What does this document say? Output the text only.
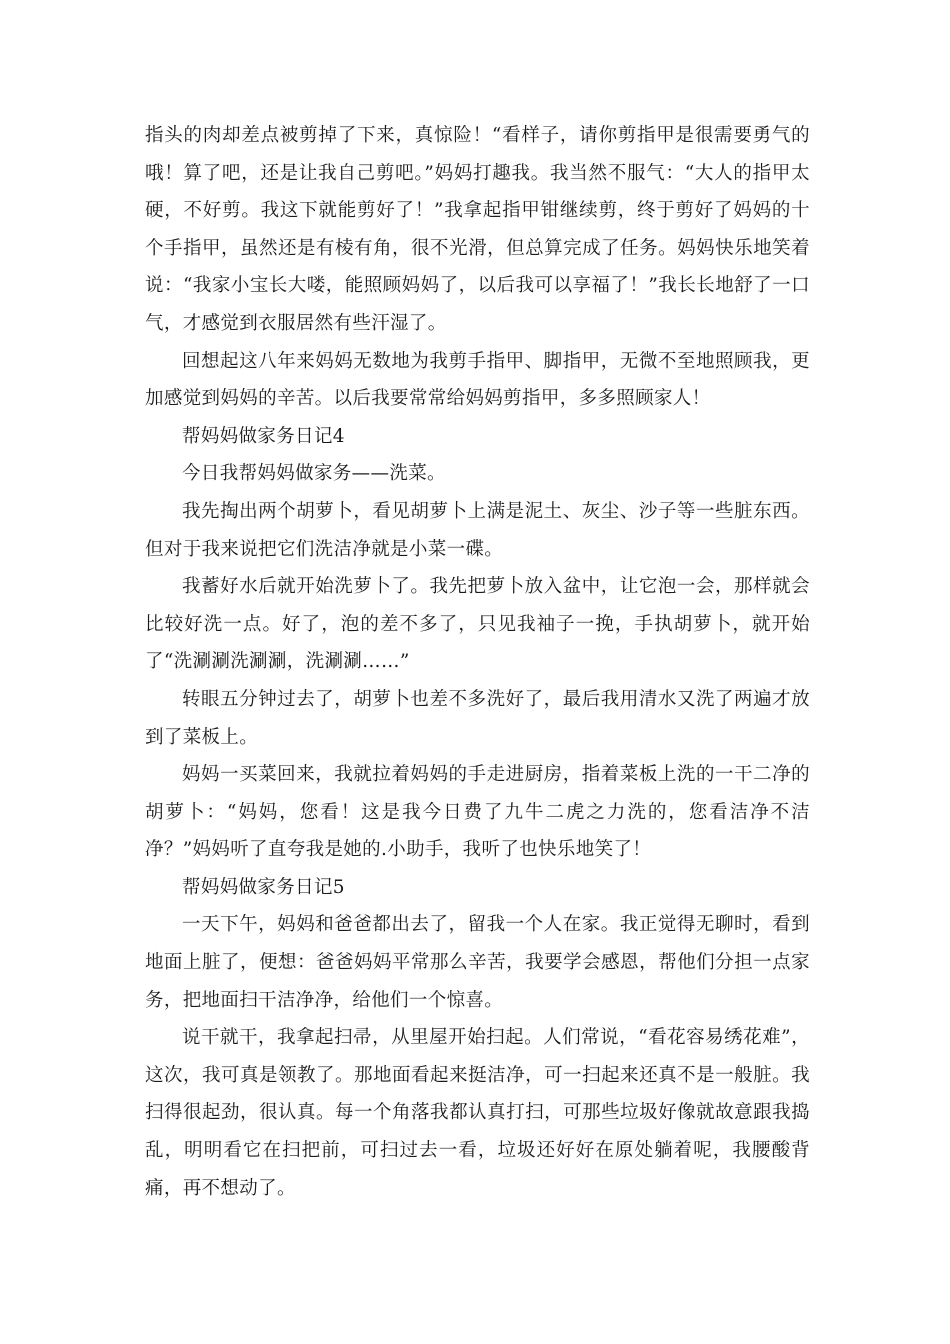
指头的肉却差点被剪掉了下来，真惊险！“看样子，请你剪指甲是很需要勇气的哦！算了吧，还是让我自己剪吧。”妈妈打趣我。我当然不服气：“大人的指甲太硬，不好剪。我这下就能剪好了！”我拿起指甲钳继续剪，终于剪好了妈妈的十个手指甲，虽然还是有棱有角，很不光滑，但总算完成了任务。妈妈快乐地笑着说：“我家小宝长大喽，能照顾妈妈了，以后我可以享福了！”我长长地舒了一口气，才感觉到衣服居然有些汗湿了。

回想起这八年来妈妈无数地为我剪手指甲、脚指甲，无微不至地照顾我，更加感觉到妈妈的辛苦。以后我要常常给妈妈剪指甲，多多照顾家人！

帮妈妈做家务日记4

今日我帮妈妈做家务——洗菜。

我先掏出两个胡萝卜，看见胡萝卜上满是泥土、灰尘、沙子等一些脏东西。但对于我来说把它们洗洁净就是小菜一碟。

我蓄好水后就开始洗萝卜了。我先把萝卜放入盆中，让它泡一会，那样就会比较好洗一点。好了，泡的差不多了，只见我袖子一挽，手执胡萝卜，就开始了“洗涮涮洗涮涮，洗涮涮……”

转眼五分钟过去了，胡萝卜也差不多洗好了，最后我用清水又洗了两遍才放到了菜板上。

妈妈一买菜回来，我就拉着妈妈的手走进厨房，指着菜板上洗的一干二净的胡萝卜：“妈妈，您看！这是我今日费了九牛二虎之力洗的，您看洁净不洁净？”妈妈听了直夸我是她的.小助手，我听了也快乐地笑了！

帮妈妈做家务日记5

一天下午，妈妈和爸爸都出去了，留我一个人在家。我正觉得无聊时，看到地面上脏了，便想：爸爸妈妈平常那么辛苦，我要学会感恩，帮他们分担一点家务，把地面扫干洁净净，给他们一个惊喜。

说干就干，我拿起扫帚，从里屋开始扫起。人们常说，“看花容易绣花难”，这次，我可真是领教了。那地面看起来挺洁净，可一扫起来还真不是一般脏。我扫得很起劲，很认真。每一个角落我都认真打扫，可那些垃圾好像就故意跟我捣乱，明明看它在扫把前，可扫过去一看，垃圾还好好在原处躺着呢，我腰酸背痛，再不想动了。
